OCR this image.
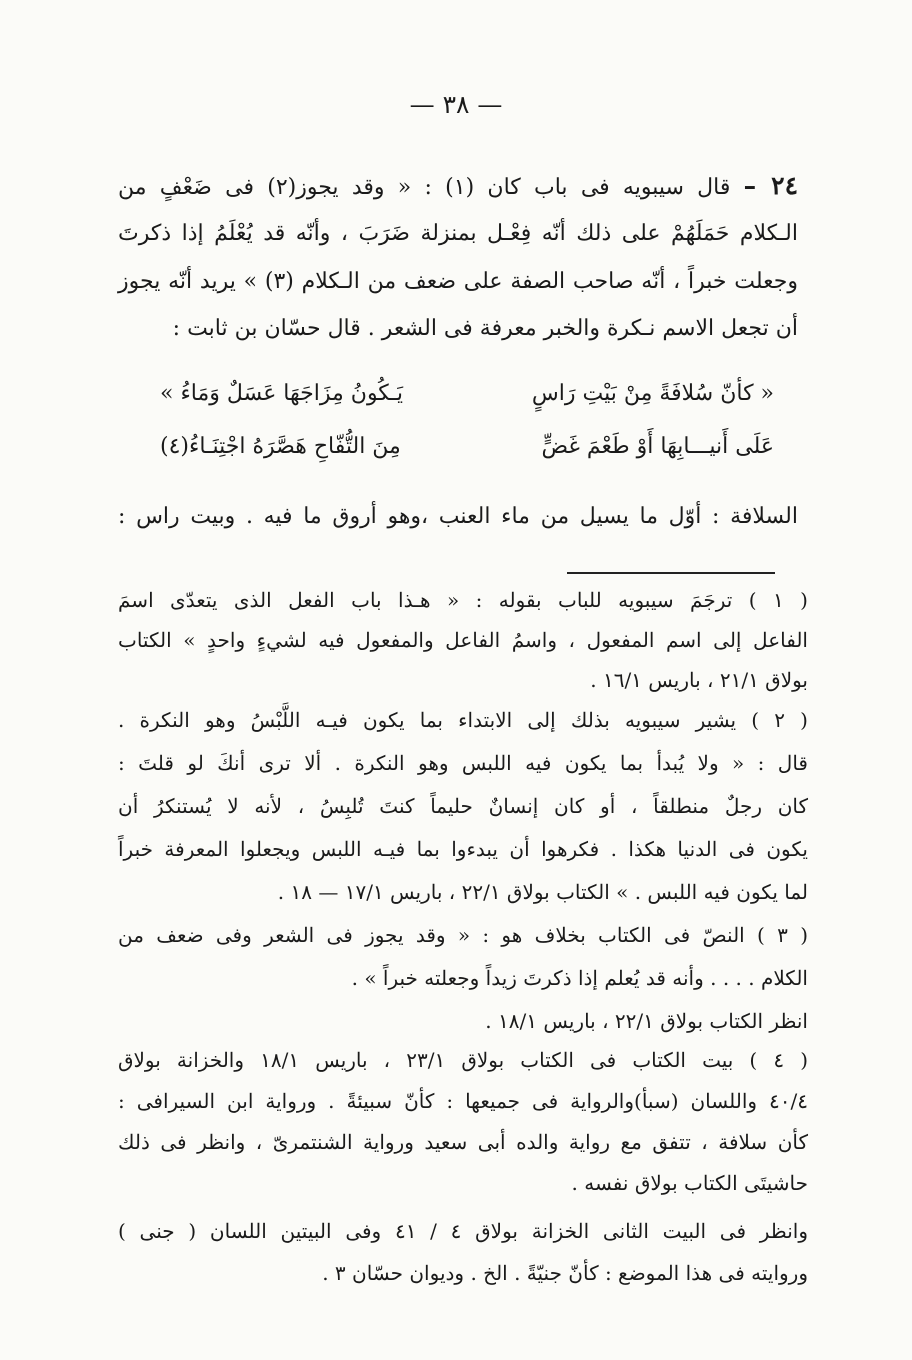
— ٣٨ —
٢٤ – قال سيبويه فى باب كان (١) : « وقد يجوز(٢) فى ضَعْفٍ من
الـكلام حَمَلَهُمْ على ذلك أنّه فِعْـل بمنزلة ضَرَبَ ، وأنّه قد يُعْلَمُ إذا ذكرتَ
وجعلت خبراً ، أنّه صاحب الصفة على ضعف من الـكلام (٣) » يريد أنّه يجوز
أن تجعل الاسم نـكرة والخبر معرفة فى الشعر . قال حسّان بن ثابت :
« كأنّ سُلافَةً مِنْ بَيْتِ رَاسٍ
يَـكُونُ مِزَاجَهَا عَسَلٌ وَمَاءُ »
عَلَى أَنيـــابِهَا أَوْ طَعْمَ غَضٍّ
مِنَ التُّفّاحِ هَصَّرَهُ اجْتِنَـاءُ(٤)
السلافة : أوّل ما يسيل من ماء العنب ،وهو أروق ما فيه . وبيت راس :
( ١ ) ترجَمَ سيبويه للباب بقوله : « هـذا باب الفعل الذى يتعدّى اسمَ
الفاعل إلى اسم المفعول ، واسمُ الفاعل والمفعول فيه لشيءٍ واحدٍ » الكتاب
بولاق ٢١/١ ، باريس ١٦/١ .
( ٢ ) يشير سيبويه بذلك إلى الابتداء بما يكون فيـه اللَّبْسُ وهو النكرة .
قال : « ولا يُبدأ بما يكون فيه اللبس وهو النكرة . ألا ترى أنكَ لو قلتَ :
كان رجلٌ منطلقاً ، أو كان إنسانٌ حليماً كنتَ تُلبِسُ ، لأنه لا يُستنكرُ أن
يكون فى الدنيا هكذا . فكرهوا أن يبدءوا بما فيـه اللبس ويجعلوا المعرفة خبراً
لما يكون فيه اللبس . » الكتاب بولاق ٢٢/١ ، باريس ١٧/١ — ١٨ .
( ٣ ) النصّ فى الكتاب بخلاف هو : « وقد يجوز فى الشعر وفى ضعف من
الكلام . . . . وأنه قد يُعلم إذا ذكرتَ زيداً وجعلته خبراً » .
انظر الكتاب بولاق ٢٢/١ ، باريس ١٨/١ .
( ٤ ) بيت الكتاب فى الكتاب بولاق ٢٣/١ ، باريس ١٨/١ والخزانة بولاق
٤٠/٤ واللسان (سبأ)والرواية فى جميعها : كأنّ سبيئةً . ورواية ابن السيرافى :
كأن سلافة ، تتفق مع رواية والده أبى سعيد ورواية الشنتمرىّ ، وانظر فى ذلك
حاشيتَى الكتاب بولاق نفسه .
وانظر فى البيت الثانى الخزانة بولاق ٤ / ٤١ وفى البيتين اللسان ( جنى )
وروايته فى هذا الموضع : كأنّ جنيّةً . الخ . وديوان حسّان ٣ .
